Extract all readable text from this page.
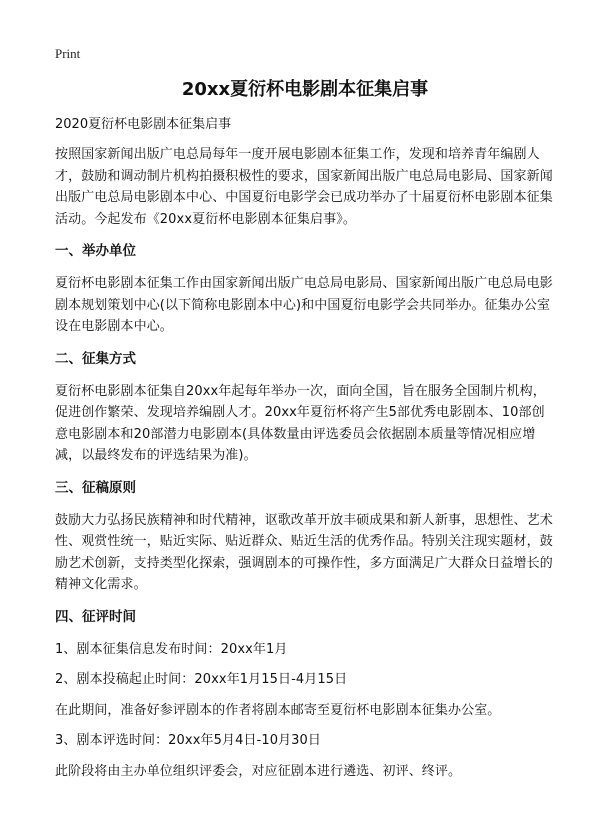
Print
20xx夏衍杯电影剧本征集启事
2020夏衍杯电影剧本征集启事

按照国家新闻出版广电总局每年一度开展电影剧本征集工作，发现和培养青年编剧人才，鼓励和调动制片机构拍摄积极性的要求，国家新闻出版广电总局电影局、国家新闻出版广电总局电影剧本中心、中国夏衍电影学会已成功举办了十届夏衍杯电影剧本征集活动。今起发布《20xx夏衍杯电影剧本征集启事》。

一、举办单位

夏衍杯电影剧本征集工作由国家新闻出版广电总局电影局、国家新闻出版广电总局电影剧本规划策划中心(以下简称电影剧本中心)和中国夏衍电影学会共同举办。征集办公室设在电影剧本中心。

二、征集方式

夏衍杯电影剧本征集自20xx年起每年举办一次，面向全国，旨在服务全国制片机构，促进创作繁荣、发现培养编剧人才。20xx年夏衍杯将产生5部优秀电影剧本、10部创意电影剧本和20部潜力电影剧本(具体数量由评选委员会依据剧本质量等情况相应增减，以最终发布的评选结果为准)。

三、征稿原则

鼓励大力弘扬民族精神和时代精神，讴歌改革开放丰硕成果和新人新事，思想性、艺术性、观赏性统一，贴近实际、贴近群众、贴近生活的优秀作品。特别关注现实题材，鼓励艺术创新，支持类型化探索，强调剧本的可操作性，多方面满足广大群众日益增长的精神文化需求。

四、征评时间

1、剧本征集信息发布时间：20xx年1月

2、剧本投稿起止时间：20xx年1月15日-4月15日

在此期间，准备好参评剧本的作者将剧本邮寄至夏衍杯电影剧本征集办公室。

3、剧本评选时间：20xx年5月4日-10月30日

此阶段将由主办单位组织评委会，对应征剧本进行遴选、初评、终评。
